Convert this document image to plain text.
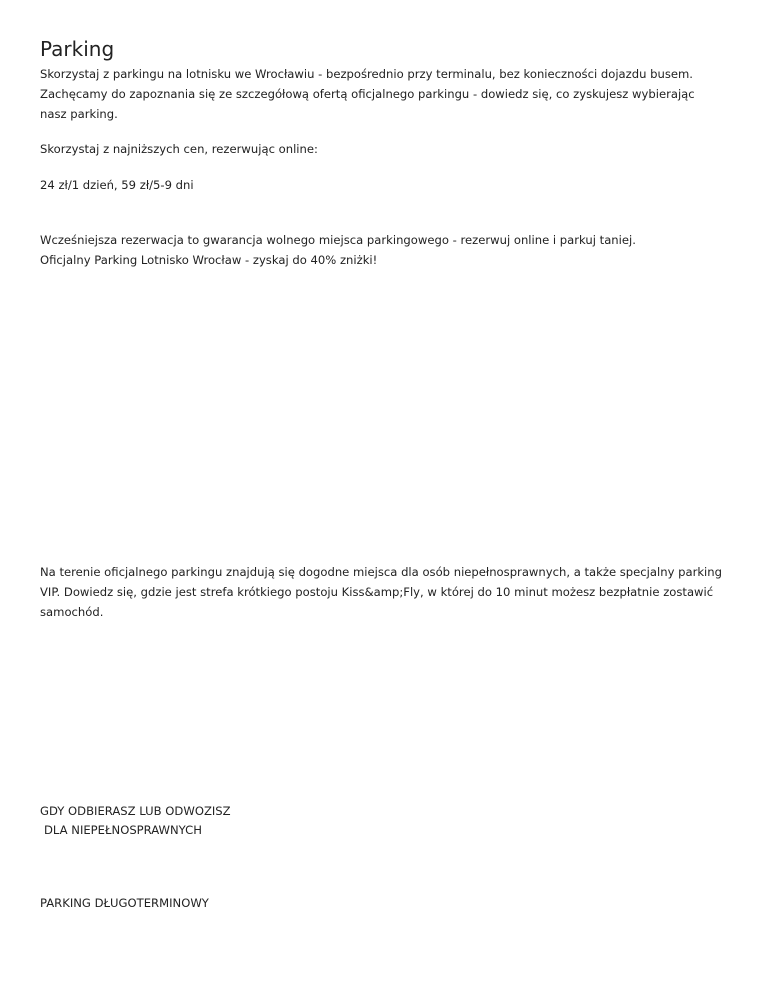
Parking
Skorzystaj z parkingu na lotnisku we Wrocławiu - bezpośrednio przy terminalu, bez konieczności dojazdu busem.
Zachęcamy do zapoznania się ze szczegółową ofertą oficjalnego parkingu - dowiedz się, co zyskujesz wybierając
nasz parking.
Skorzystaj z najniższych cen, rezerwując online:
24 zł/1 dzień, 59 zł/5-9 dni
Wcześniejsza rezerwacja to gwarancja wolnego miejsca parkingowego - rezerwuj online i parkuj taniej.
Oficjalny Parking Lotnisko Wrocław - zyskaj do 40% zniżki!
Na terenie oficjalnego parkingu znajdują się dogodne miejsca dla osób niepełnosprawnych, a także specjalny parking
VIP. Dowiedz się, gdzie jest strefa krótkiego postoju Kiss&amp;Fly, w której do 10 minut możesz bezpłatnie zostawić
samochód.
GDY ODBIERASZ LUB ODWOZISZ
DLA NIEPEŁNOSPRAWNYCH
PARKING DŁUGOTERMINOWY
